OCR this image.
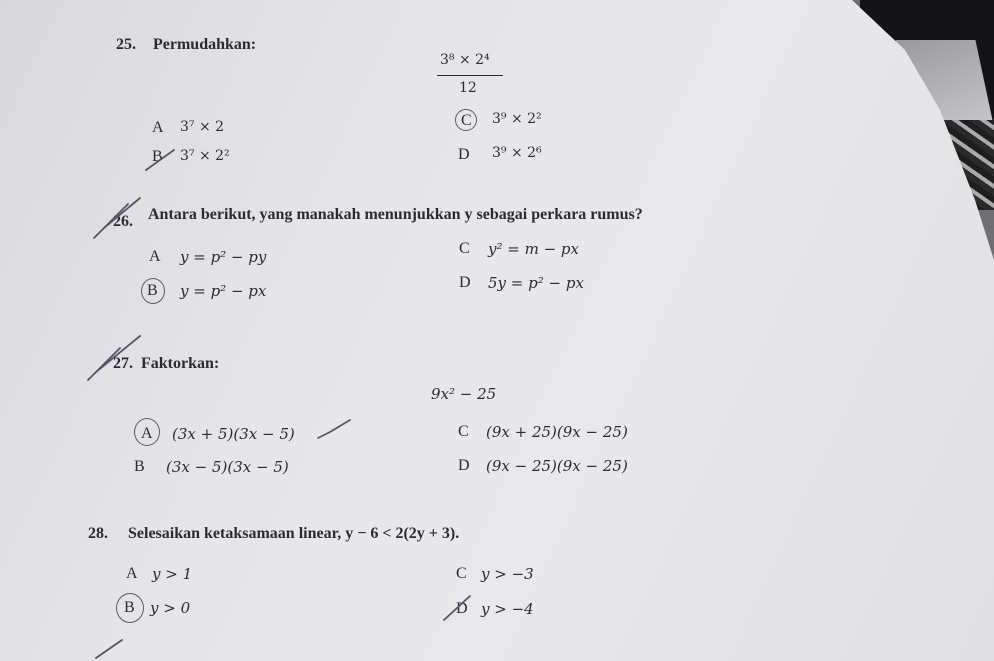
25. Permudahkan:
3⁸ × 2⁴
12
A 3⁷ × 2
B 3⁷ × 2²
C 3⁹ × 2²
D 3⁹ × 2⁶
26. Antara berikut, yang manakah menunjukkan y sebagai perkara rumus?
A y = p² − py
B y = p² − px
C y² = m − px
D 5y = p² − px
27. Faktorkan:
9x² − 25
A (3x + 5)(3x − 5)
B (3x − 5)(3x − 5)
C (9x + 25)(9x − 25)
D (9x − 25)(9x − 25)
28. Selesaikan ketaksamaan linear, y − 6 < 2(2y + 3).
A y > 1
B y > 0
C y > −3
D y > −4
